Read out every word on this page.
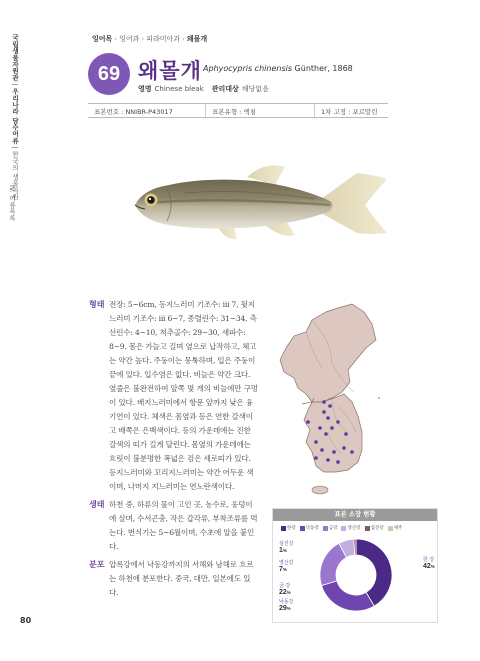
국립생물자원관 | 우리나라 담수어류 | 한국의 생물자원
IV. 어류목록
잉어목 › 잉어과 › 피라미아과 › 왜몰개
69 왜몰개 Aphyocypris chinensis Günther, 1868
영명 Chinese bleak 관리대상 해당없음
표본번호 : NNIBR-P43017	표본유형 : 액침	1차 고정 : 포르말린
형태 전장: 5~6cm, 등지느러미 기조수: iii 7, 뒷지느러미 기조수: iii 6~7, 종렬린수: 31~34, 측선린수: 4~10, 척추골수: 29~30, 새파수: 8~9. 몸은 가늘고 길며 옆으로 납작하고, 체고는 약간 높다. 주둥이는 뭉툭하며, 입은 주둥이 끝에 있다. 입수염은 없다. 비늘은 약간 크다. 옆줄은 불완전하여 앞쪽 몇 개의 비늘에만 구멍이 있다. 배지느러미에서 항문 앞까지 낮은 융기연이 있다. 체색은 몸옆과 등은 연한 갈색이고 배쪽은 은백색이다. 등의 가운데에는 진한 갈색의 띠가 길게 달린다. 몸옆의 가운데에는 흐릿이 불분명한 폭넓은 검은 세로띠가 있다. 등지느러미와 꼬리지느러미는 약간 어두운 색이며, 나머지 지느러미는 연노란색이다.
생태 하천 중, 하류의 물이 고인 곳, 농수로, 웅덩이에 살며, 수서곤충, 작은 갑각류, 부착조류를 먹는다. 번식기는 5~6월이며, 수초에 알을 붙인다.
분포 압록강에서 낙동강까지의 서해와 남해로 흐르는 하천에 분포한다. 중국, 대만, 일본에도 있다.
표본 소장 현황
한강 낙동강 금강 영산강 섬진강 제주
한 강
42%
낙동강
29%
금 강
22%
영산강
7%
섬진강
1%
80
